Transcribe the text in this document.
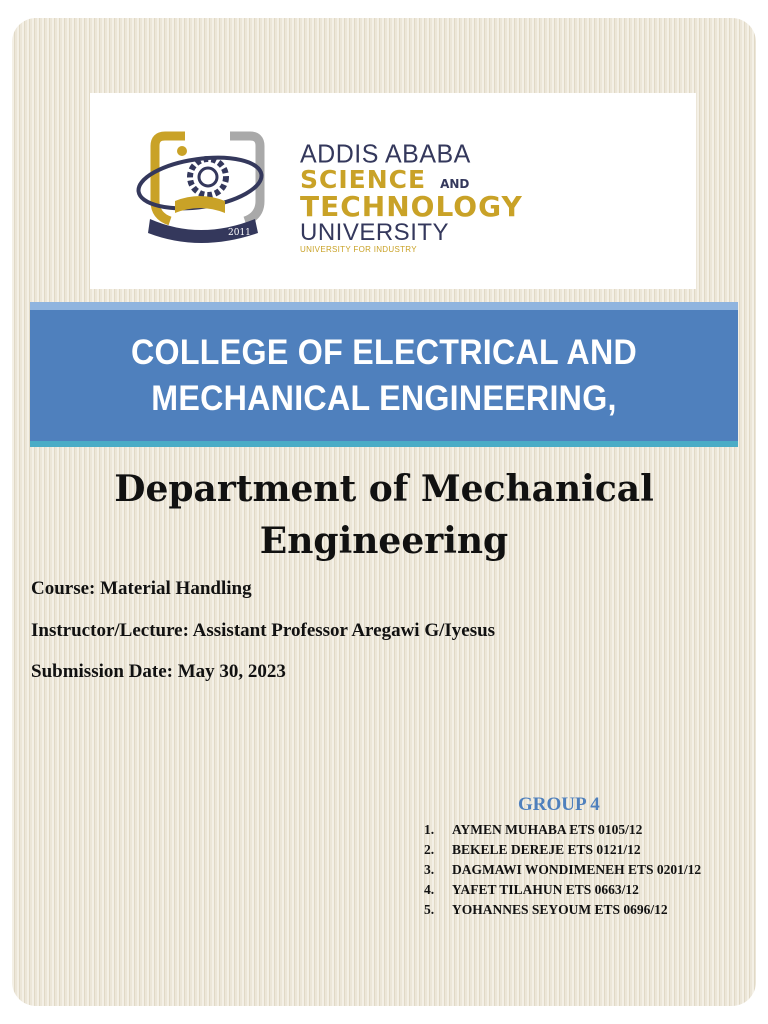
2011
ADDIS ABABA
SCIENCE AND
TECHNOLOGY
UNIVERSITY
UNIVERSITY FOR INDUSTRY
COLLEGE OF ELECTRICAL AND
MECHANICAL ENGINEERING,
Department of Mechanical
Engineering
Course: Material Handling
Instructor/Lecture: Assistant Professor Aregawi G/Iyesus
Submission Date: May 30, 2023
GROUP 4
1.	AYMEN MUHABA ETS 0105/12
2.	BEKELE DEREJE ETS 0121/12
3.	DAGMAWI WONDIMENEH ETS 0201/12
4.	YAFET TILAHUN ETS 0663/12
5.	YOHANNES SEYOUM ETS 0696/12
